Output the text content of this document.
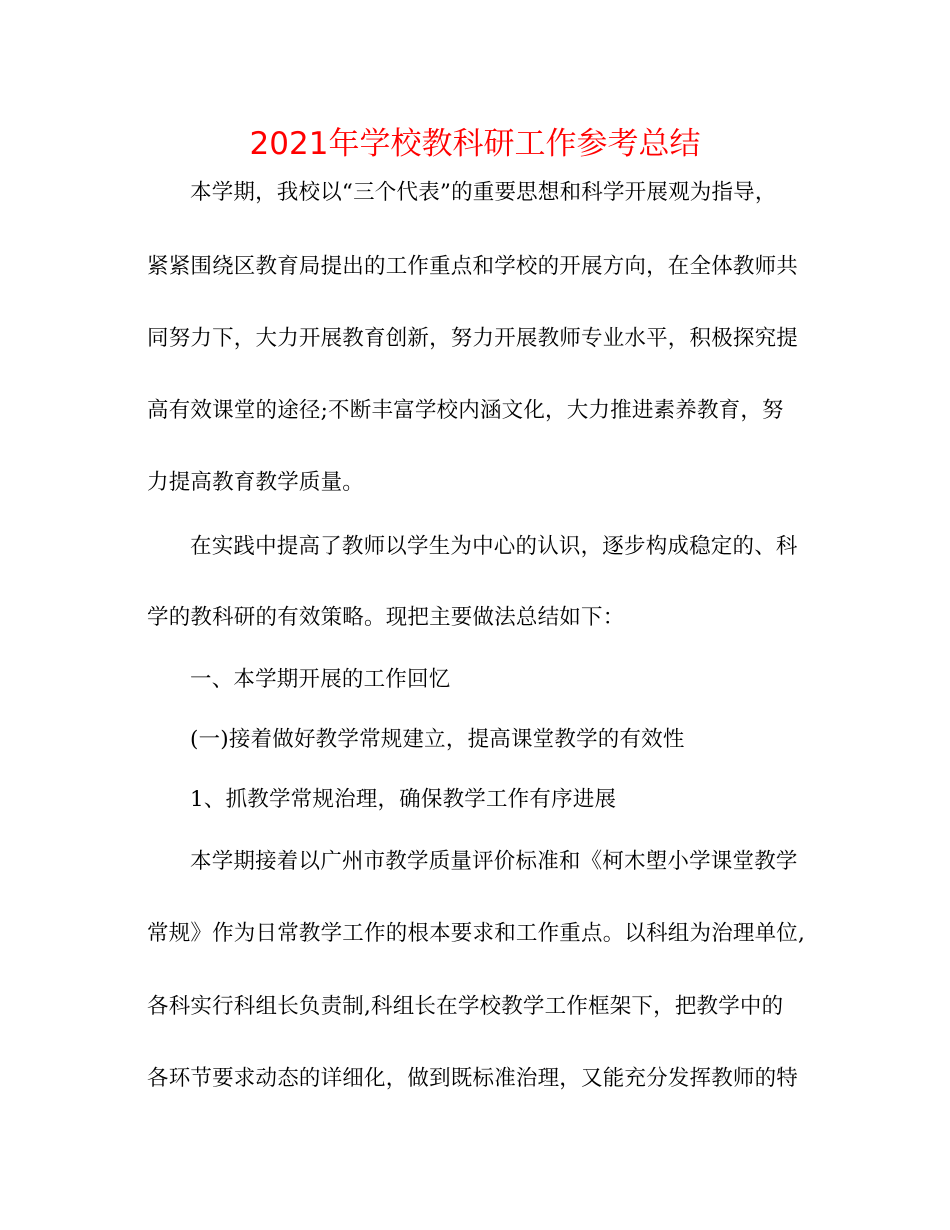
2021年学校教科研工作参考总结
本学期，我校以“三个代表”的重要思想和科学开展观为指导，
紧紧围绕区教育局提出的工作重点和学校的开展方向，在全体教师共
同努力下，大力开展教育创新，努力开展教师专业水平，积极探究提
高有效课堂的途径;不断丰富学校内涵文化，大力推进素养教育，努
力提高教育教学质量。
在实践中提高了教师以学生为中心的认识，逐步构成稳定的、科
学的教科研的有效策略。现把主要做法总结如下：
一、本学期开展的工作回忆
(一)接着做好教学常规建立，提高课堂教学的有效性
1、抓教学常规治理，确保教学工作有序进展
本学期接着以广州市教学质量评价标准和《柯木塱小学课堂教学
常规》作为日常教学工作的根本要求和工作重点。以科组为治理单位,
各科实行科组长负责制,科组长在学校教学工作框架下，把教学中的
各环节要求动态的详细化，做到既标准治理，又能充分发挥教师的特
